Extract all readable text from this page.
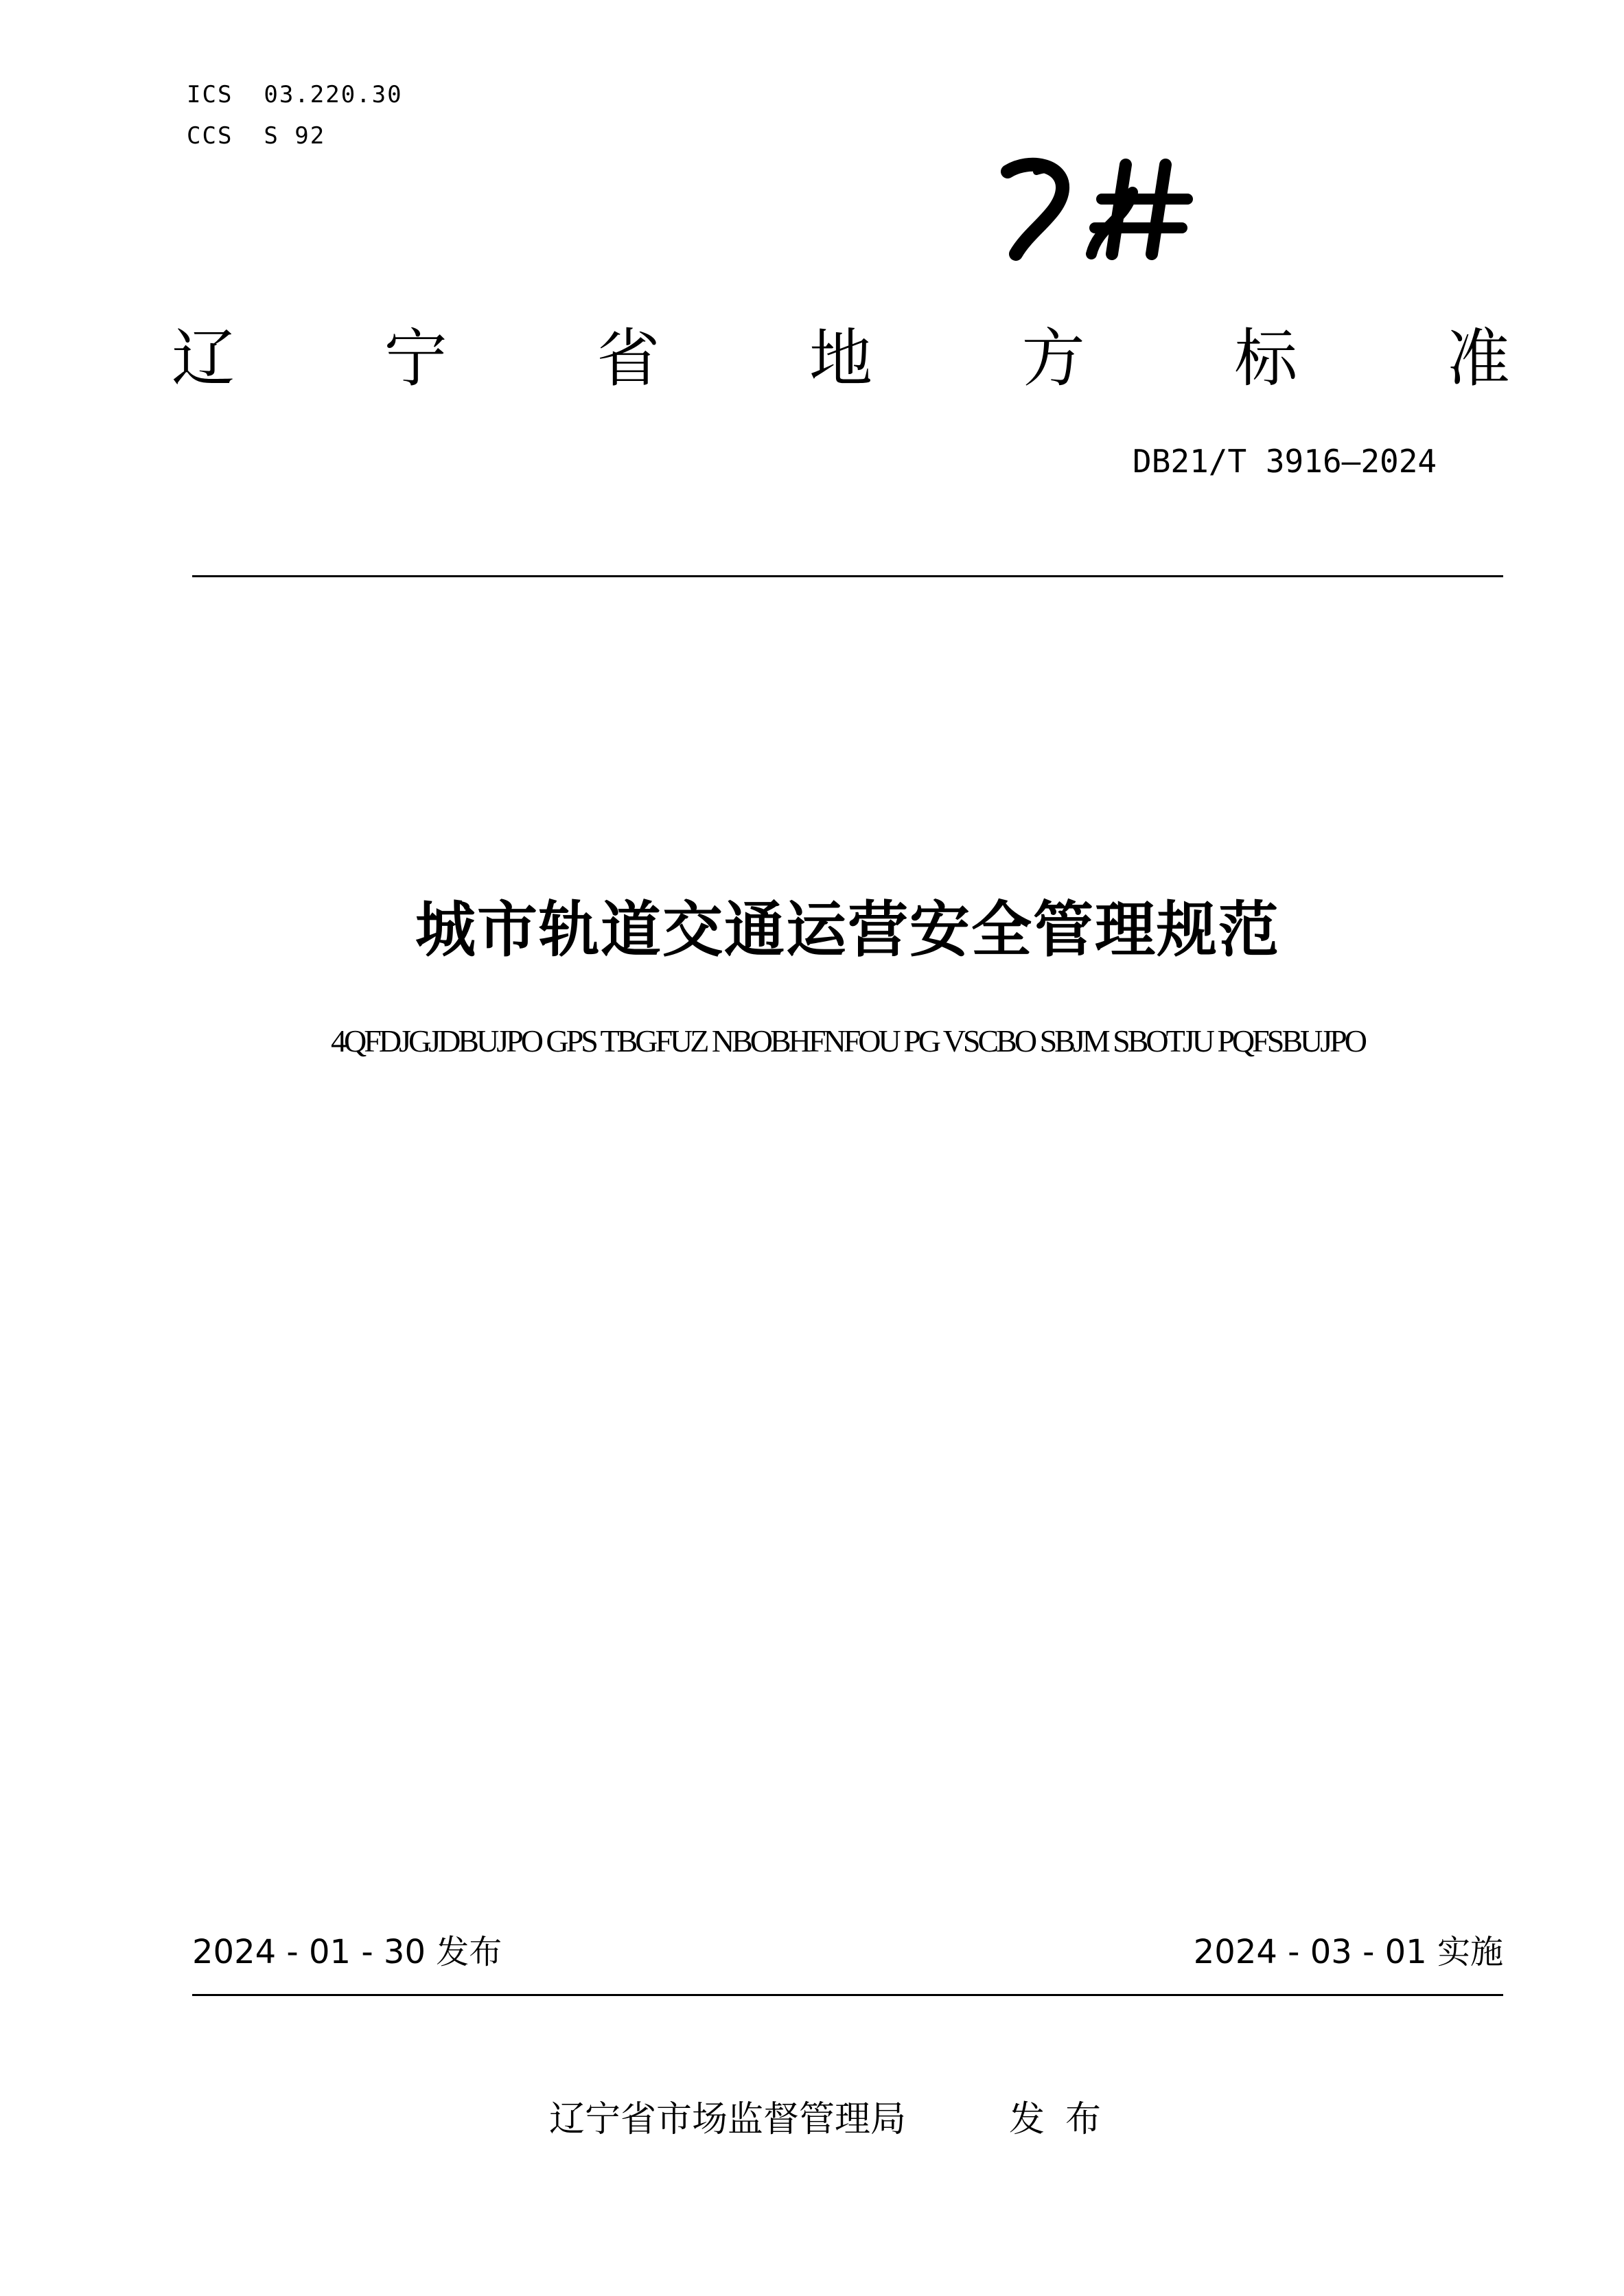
ICS  03.220.30
CCS  S 92
辽 宁 省 地 方 标 准
DB21/T 3916—2024
城市轨道交通运营安全管理规范
4QFDJGJDBUJPO GPS TBGFUZ NBOBHFNFOU PG VSCBO SBJM SBOTJU PQFSBUJPO
2024 - 01 - 30 发布	2024 - 03 - 01 实施
辽宁省市场监督管理局	发布
